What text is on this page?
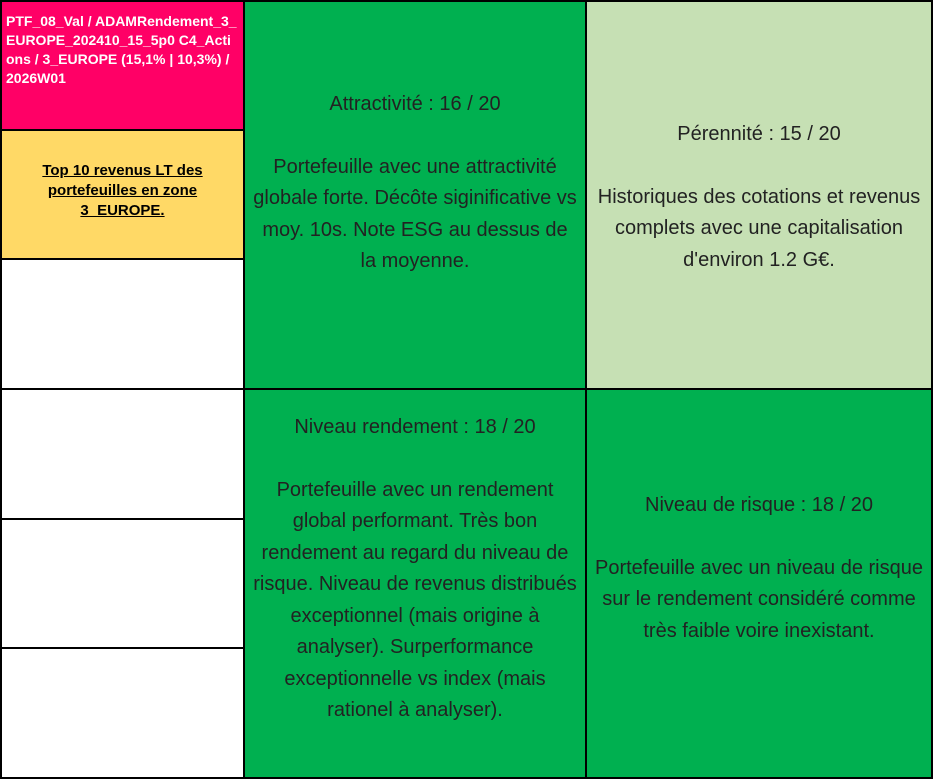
PTF_08_Val / ADAMRendement_3_EUROPE_202410_15_5p0 C4_Actions / 3_EUROPE (15,1% | 10,3%) / 2026W01
Top 10 revenus LT des portefeuilles en zone 3_EUROPE.
Attractivité : 16 / 20
Portefeuille avec une attractivité globale forte. Décôte siginificative vs moy. 10s. Note ESG au dessus de la moyenne.
Pérennité : 15 / 20
Historiques des cotations et revenus complets avec une capitalisation d'environ 1.2 G€.
Niveau rendement : 18 / 20
Portefeuille avec un rendement global performant. Très bon rendement au regard du niveau de risque. Niveau de revenus distribués exceptionnel (mais origine à analyser). Surperformance exceptionnelle vs index (mais rationel à analyser).
Niveau de risque : 18 / 20
Portefeuille avec un niveau de risque sur le rendement considéré comme très faible voire inexistant.
